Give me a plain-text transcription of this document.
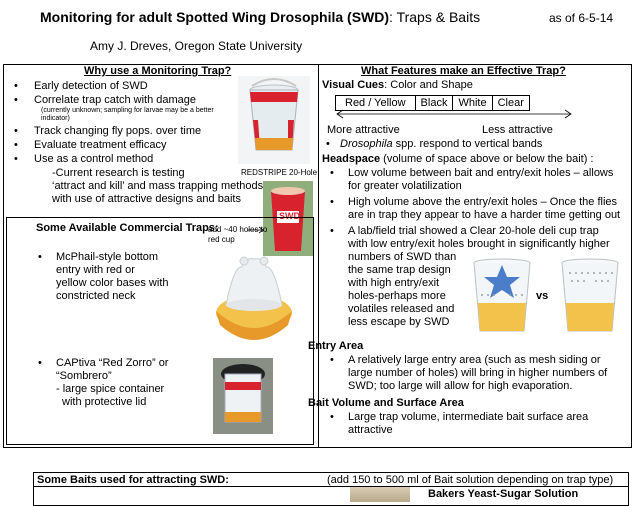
Monitoring for adult Spotted Wing Drosophila (SWD): Traps & Baits	as of 6-5-14
Amy J. Dreves, Oregon State University
Why use a Monitoring Trap?
• Early detection of SWD
• Correlate trap catch with damage
(currently unknown; sampling for larvae may be a better indicator)
• Track changing fly pops. over time
• Evaluate treatment efficacy
• Use as a control method
-Current research is testing
‘attract and kill’ and mass trapping methods
with use of attractive designs and baits
REDSTRIPE 20-Hole
SWD
Some Available Commercial Traps:
add ~40 holes to red cup
• McPhail-style bottom
entry with red or
yellow color bases with
constricted neck
• CAPtiva “Red Zorro” or
“Sombrero”
- large spice container
with protective lid
What Features make an Effective Trap?
Visual Cues: Color and Shape
Red / Yellow Black White Clear
More attractive	Less attractive
• Drosophila spp. respond to vertical bands
Headspace (volume of space above or below the bait) :
• Low volume between bait and entry/exit holes – allows
for greater volatilization
• High volume above the entry/exit holes – Once the flies
are in trap they appear to have a harder time getting out
• A lab/field trial showed a Clear 20-hole deli cup trap
with low entry/exit holes brought in significantly higher
numbers of SWD than
the same trap design
with high entry/exit
holes-perhaps more
volatiles released and
less escape by SWD
vs
Entry Area
• A relatively large entry area (such as mesh siding or
large number of holes) will bring in higher numbers of
SWD; too large will allow for high evaporation.
Bait Volume and Surface Area
• Large trap volume, intermediate bait surface area
attractive
Some Baits used for attracting SWD:	(add 150 to 500 ml of Bait solution depending on trap type)
Bakers Yeast-Sugar Solution
